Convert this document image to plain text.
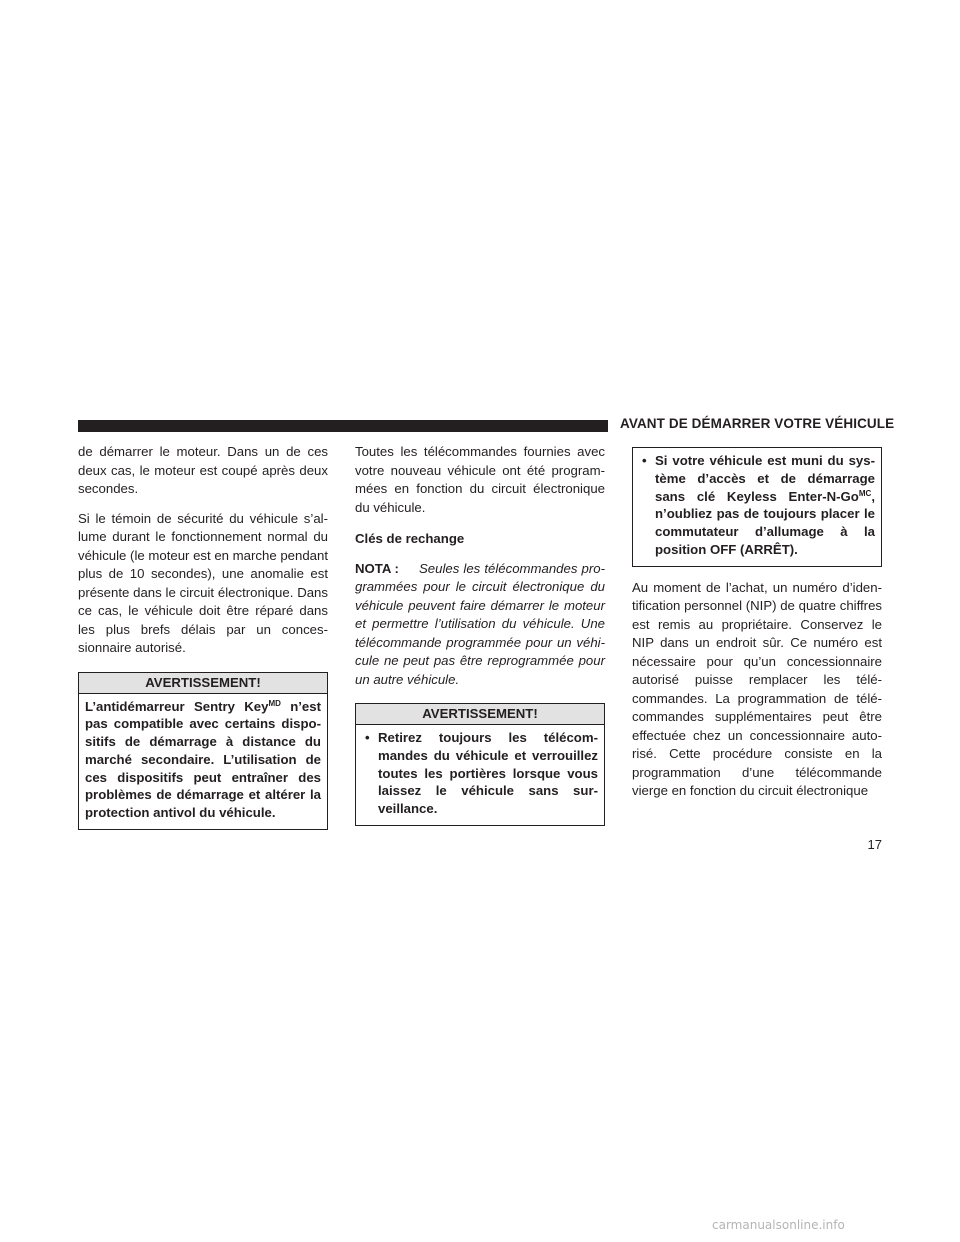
AVANT DE DÉMARRER VOTRE VÉHICULE

de démarrer le moteur. Dans un de ces deux cas, le moteur est coupé après deux secondes.

Si le témoin de sécurité du véhicule s’allume durant le fonctionnement normal du véhicule (le moteur est en marche pendant plus de 10 secondes), une anomalie est présente dans le circuit électronique. Dans ce cas, le véhicule doit être réparé dans les plus brefs délais par un concessionnaire autorisé.

AVERTISSEMENT!
L’antidémarreur Sentry Key$^{MD}$ n’est pas compatible avec certains dispositifs de démarrage à distance du marché secondaire. L’utilisation de ces dispositifs peut entraîner des problèmes de démarrage et altérer la protection antivol du véhicule.

Toutes les télécommandes fournies avec votre nouveau véhicule ont été programmées en fonction du circuit électronique du véhicule.

Clés de rechange
NOTA : Seules les télécommandes programmées pour le circuit électronique du véhicule peuvent faire démarrer le moteur et permettre l’utilisation du véhicule. Une télécommande programmée pour un véhicule ne peut pas être reprogrammée pour un autre véhicule.
AVERTISSEMENT!
• Retirez toujours les télécommandes du véhicule et verrouillez toutes les portières lorsque vous laissez le véhicule sans surveillance.
• Si votre véhicule est muni du système d’accès et de démarrage sans clé Keyless Enter-$N-Go^{MC}$, n’oubliez pas de toujours placer le commutateur d’allumage à la position OFF (ARRÊT).

Au moment de l’achat, un numéro d’identification personnel (NIP) de quatre chiffres est remis au propriétaire. Conservez le NIP dans un endroit sûr. Ce numéro est nécessaire pour qu’un concessionnaire autorisé puisse remplacer les télécommandes. La programmation de télécommandes supplémentaires peut être effectuée chez un concessionnaire autorisé. Cette procédure consiste en la programmation d’une télécommande vierge en fonction du circuit électronique

17
carmanualsonline.info
